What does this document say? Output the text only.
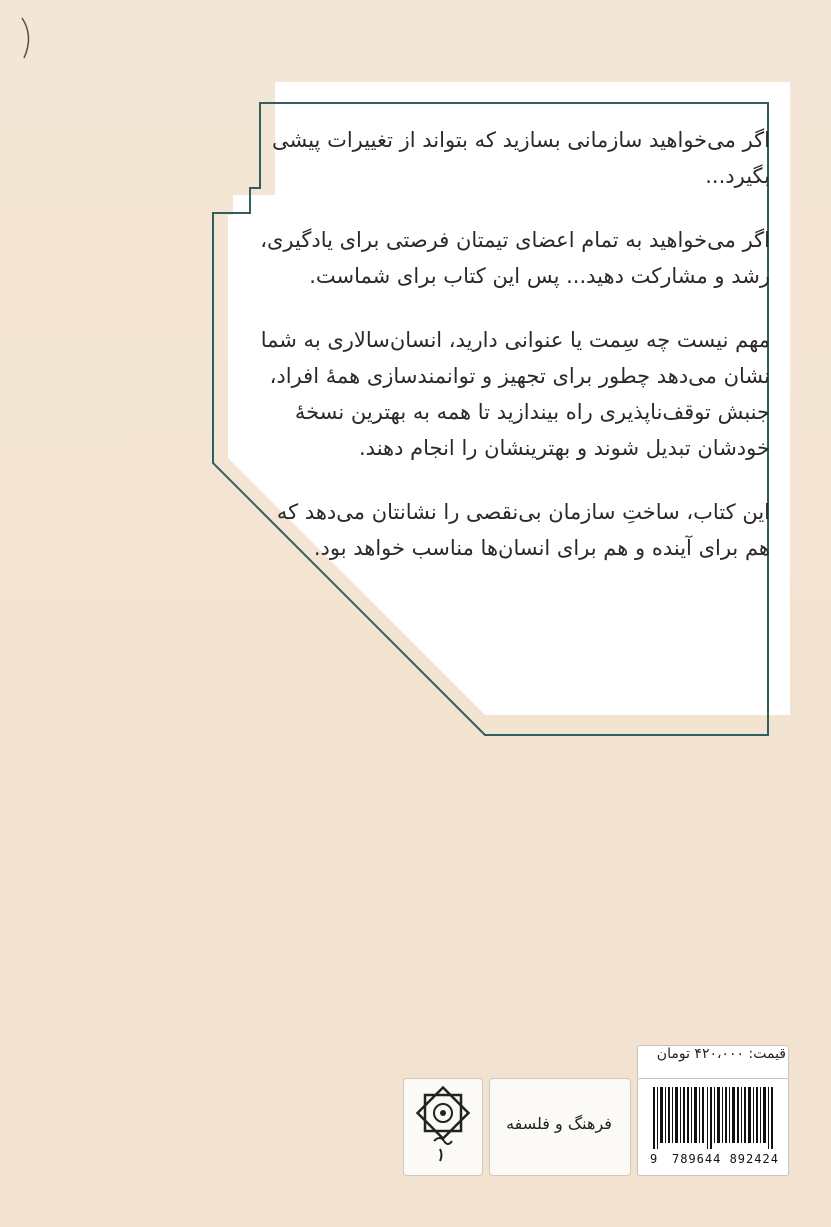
اگر می‌خواهید سازمانی بسازید که بتواند از تغییرات پیشی بگیرد...

اگر می‌خواهید به تمام اعضای تیمتان فرصتی برای یادگیری، رشد و مشارکت دهید... پس این کتاب برای شماست.

مهم نیست چه سِمت یا عنوانی دارید، انسان‌سالاری به شما نشان می‌دهد چطور برای تجهیز و توانمندسازی همهٔ افراد، جنبش توقف‌ناپذیری راه بیندازید تا همه به بهترین نسخهٔ خودشان تبدیل شوند و بهترینشان را انجام دهند.

این کتاب، ساختِ سازمان بی‌نقصی را نشانتان می‌دهد که هم برای آینده و هم برای انسان‌ها مناسب خواهد بود.

قیمت: ۴۲۰،۰۰۰ تومان
فرهنگ و فلسفه
9 789644 892424
